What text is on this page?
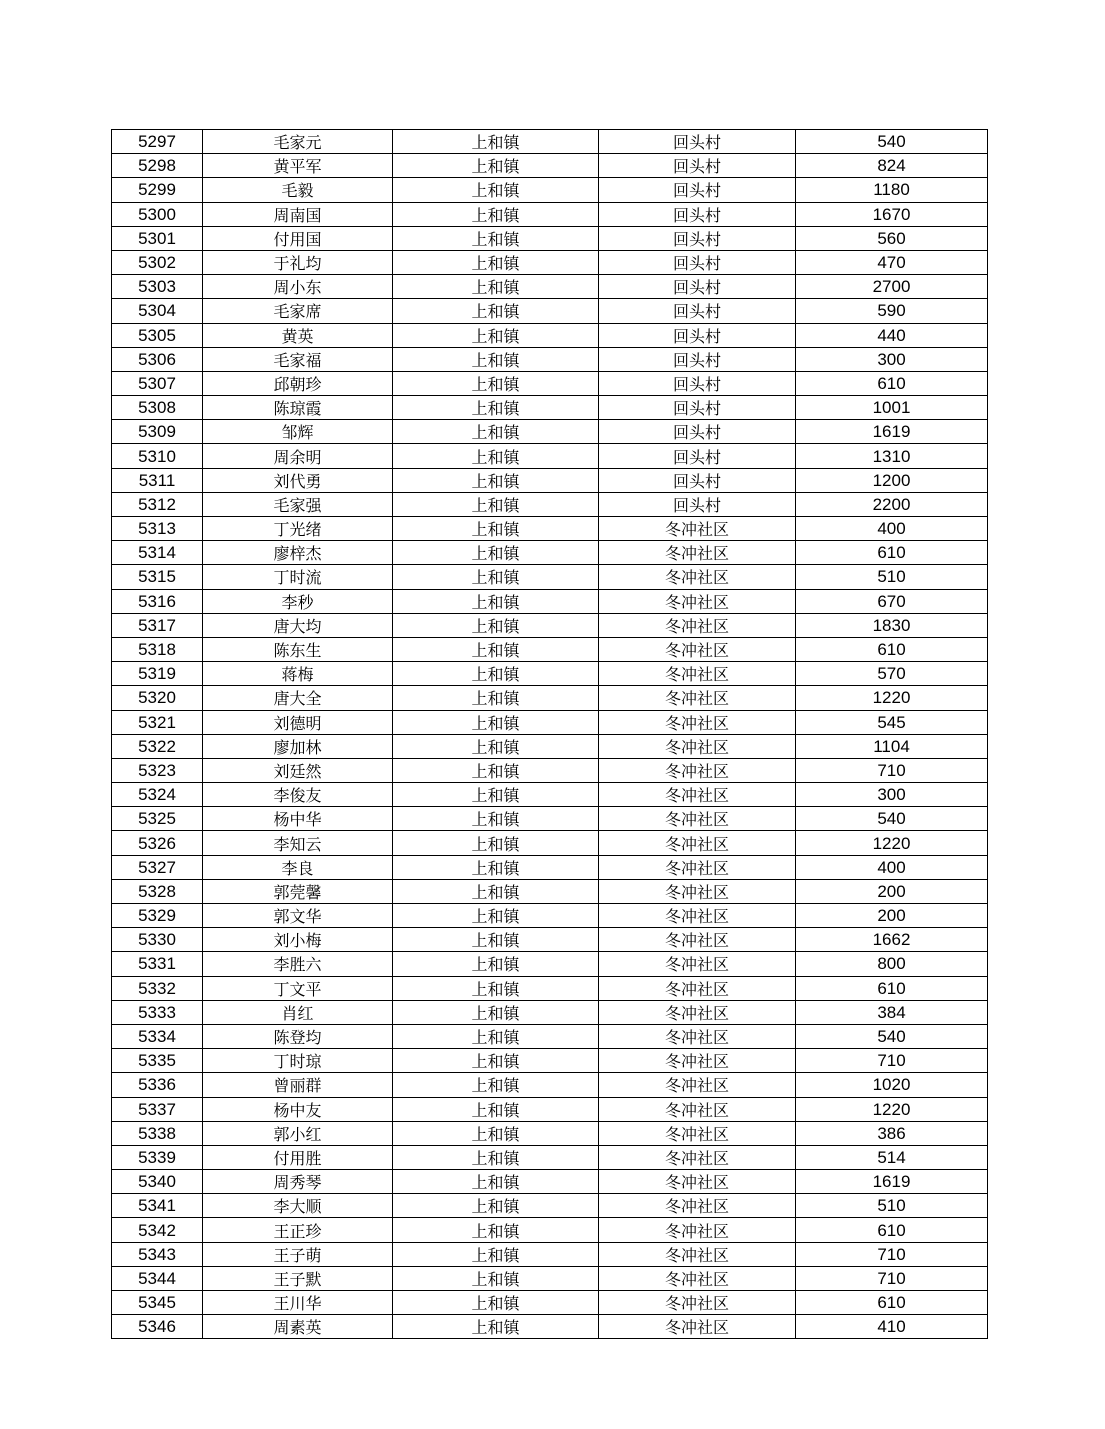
5297	毛家元	上和镇	回头村	540
5298	黄平军	上和镇	回头村	824
5299	毛毅	上和镇	回头村	1180
5300	周南国	上和镇	回头村	1670
5301	付用国	上和镇	回头村	560
5302	于礼均	上和镇	回头村	470
5303	周小东	上和镇	回头村	2700
5304	毛家席	上和镇	回头村	590
5305	黄英	上和镇	回头村	440
5306	毛家福	上和镇	回头村	300
5307	邱朝珍	上和镇	回头村	610
5308	陈琼霞	上和镇	回头村	1001
5309	邹辉	上和镇	回头村	1619
5310	周余明	上和镇	回头村	1310
5311	刘代勇	上和镇	回头村	1200
5312	毛家强	上和镇	回头村	2200
5313	丁光绪	上和镇	冬冲社区	400
5314	廖梓杰	上和镇	冬冲社区	610
5315	丁时流	上和镇	冬冲社区	510
5316	李秒	上和镇	冬冲社区	670
5317	唐大均	上和镇	冬冲社区	1830
5318	陈东生	上和镇	冬冲社区	610
5319	蒋梅	上和镇	冬冲社区	570
5320	唐大全	上和镇	冬冲社区	1220
5321	刘德明	上和镇	冬冲社区	545
5322	廖加林	上和镇	冬冲社区	1104
5323	刘廷然	上和镇	冬冲社区	710
5324	李俊友	上和镇	冬冲社区	300
5325	杨中华	上和镇	冬冲社区	540
5326	李知云	上和镇	冬冲社区	1220
5327	李良	上和镇	冬冲社区	400
5328	郭莞馨	上和镇	冬冲社区	200
5329	郭文华	上和镇	冬冲社区	200
5330	刘小梅	上和镇	冬冲社区	1662
5331	李胜六	上和镇	冬冲社区	800
5332	丁文平	上和镇	冬冲社区	610
5333	肖红	上和镇	冬冲社区	384
5334	陈登均	上和镇	冬冲社区	540
5335	丁时琼	上和镇	冬冲社区	710
5336	曾丽群	上和镇	冬冲社区	1020
5337	杨中友	上和镇	冬冲社区	1220
5338	郭小红	上和镇	冬冲社区	386
5339	付用胜	上和镇	冬冲社区	514
5340	周秀琴	上和镇	冬冲社区	1619
5341	李大顺	上和镇	冬冲社区	510
5342	王正珍	上和镇	冬冲社区	610
5343	王子萌	上和镇	冬冲社区	710
5344	王子默	上和镇	冬冲社区	710
5345	王川华	上和镇	冬冲社区	610
5346	周素英	上和镇	冬冲社区	410
